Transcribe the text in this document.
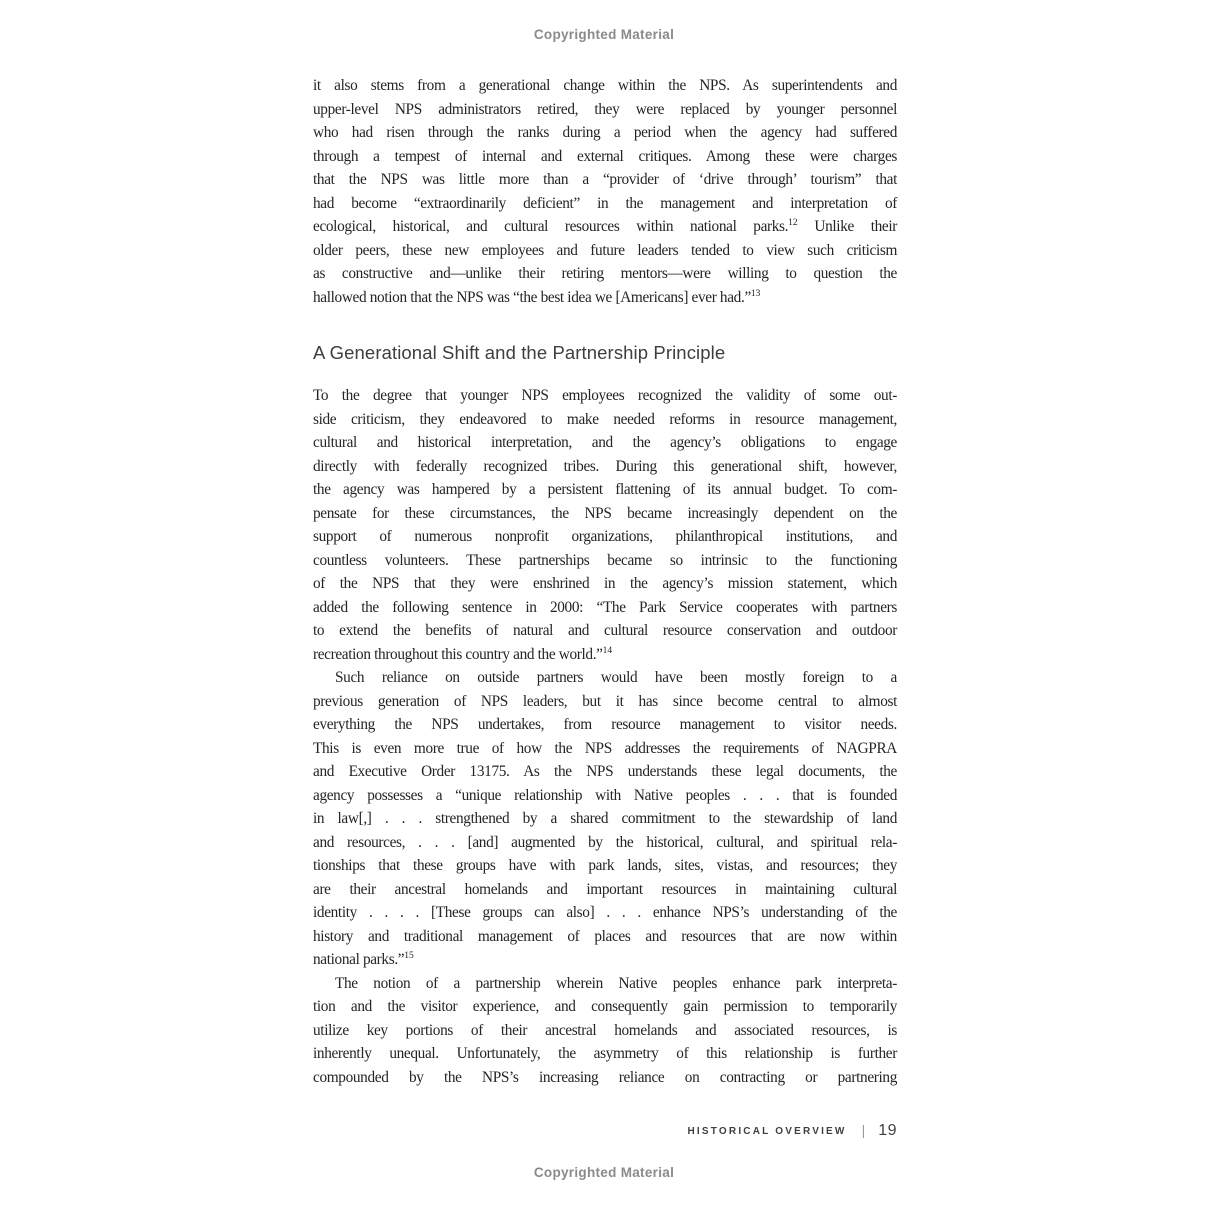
Copyrighted Material
it also stems from a generational change within the NPS. As superintendents and
upper-level NPS administrators retired, they were replaced by younger personnel
who had risen through the ranks during a period when the agency had suffered
through a tempest of internal and external critiques. Among these were charges
that the NPS was little more than a “provider of ‘drive through’ tourism” that
had become “extraordinarily deficient” in the management and interpretation of
ecological, historical, and cultural resources within national parks.$^{12}$ Unlike their
older peers, these new employees and future leaders tended to view such criticism
as constructive and—unlike their retiring mentors—were willing to question the
hallowed notion that the NPS was “the best idea we [Americans] ever had.”$^{13}$
A Generational Shift and the Partnership Principle
To the degree that younger NPS employees recognized the validity of some out-
side criticism, they endeavored to make needed reforms in resource management,
cultural and historical interpretation, and the agency’s obligations to engage
directly with federally recognized tribes. During this generational shift, however,
the agency was hampered by a persistent flattening of its annual budget. To com-
pensate for these circumstances, the NPS became increasingly dependent on the
support of numerous nonprofit organizations, philanthropical institutions, and
countless volunteers. These partnerships became so intrinsic to the functioning
of the NPS that they were enshrined in the agency’s mission statement, which
added the following sentence in 2000: “The Park Service cooperates with partners
to extend the benefits of natural and cultural resource conservation and outdoor
recreation throughout this country and the world.”$^{14}$
Such reliance on outside partners would have been mostly foreign to a
previous generation of NPS leaders, but it has since become central to almost
everything the NPS undertakes, from resource management to visitor needs.
This is even more true of how the NPS addresses the requirements of NAGPRA
and Executive Order 13175. As the NPS understands these legal documents, the
agency possesses a “unique relationship with Native peoples . . . that is founded
in law[,] . . . strengthened by a shared commitment to the stewardship of land
and resources, . . . [and] augmented by the historical, cultural, and spiritual rela-
tionships that these groups have with park lands, sites, vistas, and resources; they
are their ancestral homelands and important resources in maintaining cultural
identity . . . . [These groups can also] . . . enhance NPS’s understanding of the
history and traditional management of places and resources that are now within
national parks.”$^{15}$
The notion of a partnership wherein Native peoples enhance park interpreta-
tion and the visitor experience, and consequently gain permission to temporarily
utilize key portions of their ancestral homelands and associated resources, is
inherently unequal. Unfortunately, the asymmetry of this relationship is further
compounded by the NPS’s increasing reliance on contracting or partnering
HISTORICAL OVERVIEW | 19
Copyrighted Material
